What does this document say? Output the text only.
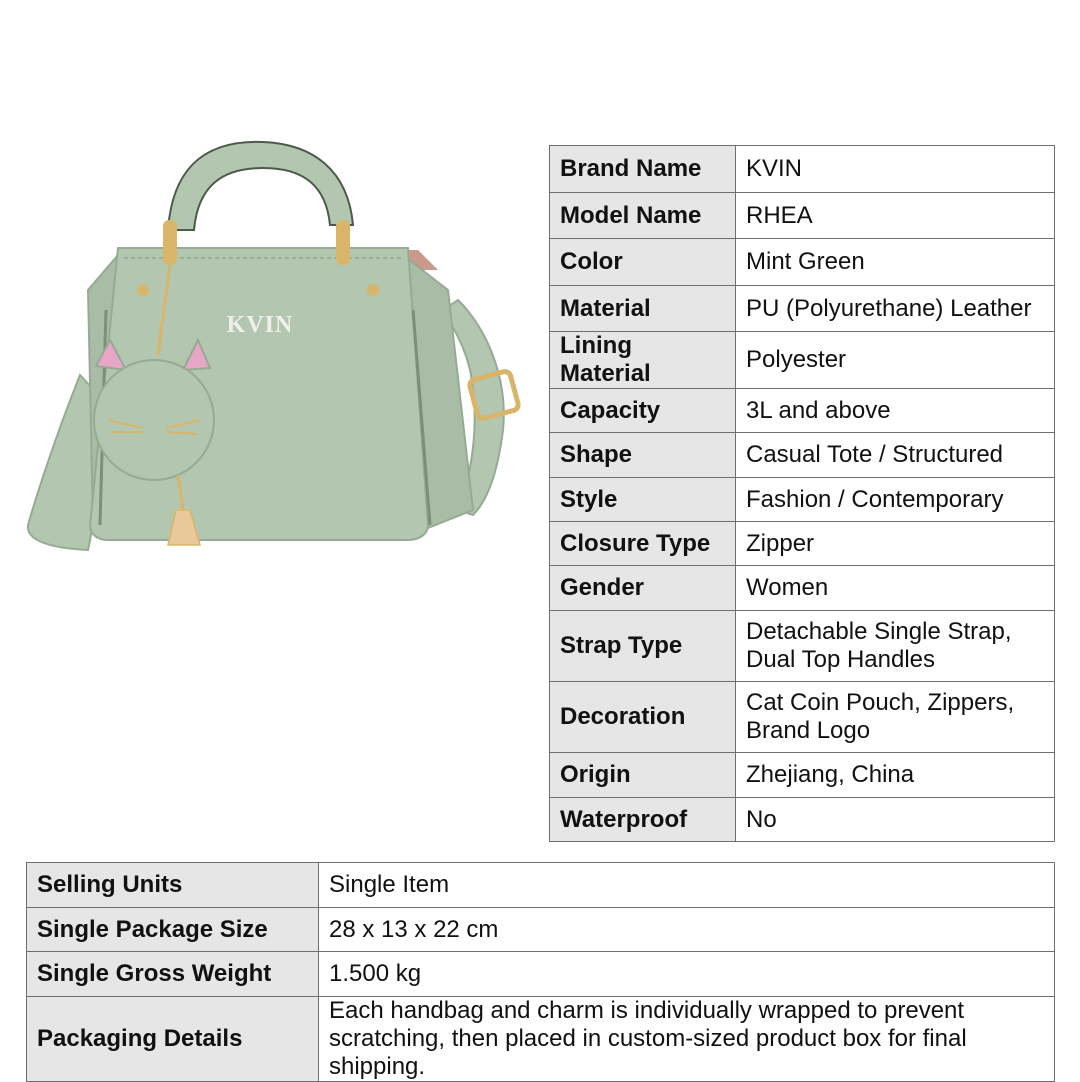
KVIN
Brand Name	KVIN
Model Name	RHEA
Color	Mint Green
Material	PU (Polyurethane) Leather
Lining Material	Polyester
Capacity	3L and above
Shape	Casual Tote / Structured
Style	Fashion / Contemporary
Closure Type	Zipper
Gender	Women
Strap Type	Detachable Single Strap,
Dual Top Handles

Decoration	Cat Coin Pouch, Zippers,
Brand Logo

Origin	Zhejiang, China
Waterproof	No
Selling Units	Single Item
Single Package Size	28 x 13 x 22 cm
Single Gross Weight	1.500 kg
Packaging Details	Each handbag and charm is individually wrapped to prevent
scratching, then placed in custom-sized product box for final shipping.
